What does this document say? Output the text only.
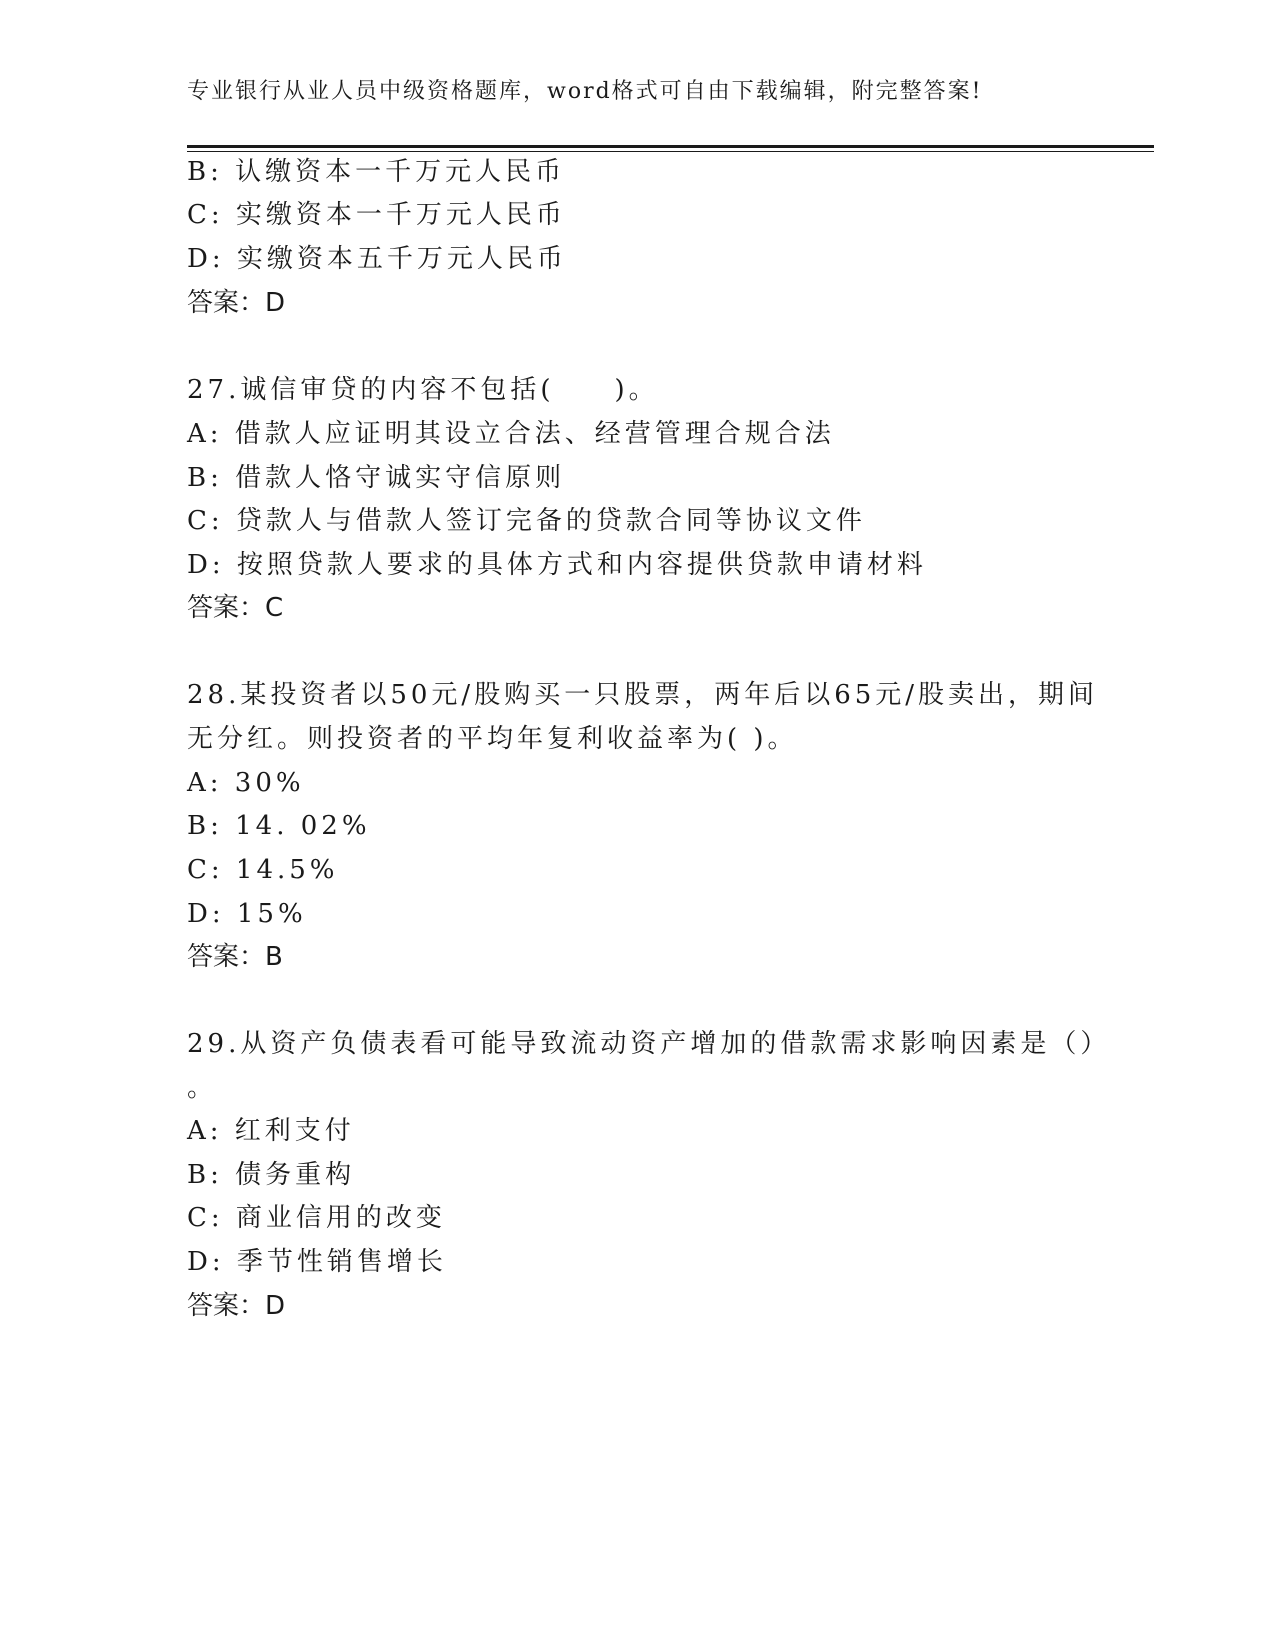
专业银行从业人员中级资格题库，word格式可自由下载编辑，附完整答案!
B: 认缴资本一千万元人民币
C: 实缴资本一千万元人民币
D: 实缴资本五千万元人民币
答案：D
27.诚信审贷的内容不包括(　　)。
A: 借款人应证明其设立合法、经营管理合规合法
B: 借款人恪守诚实守信原则
C: 贷款人与借款人签订完备的贷款合同等协议文件
D: 按照贷款人要求的具体方式和内容提供贷款申请材料
答案：C
28.某投资者以50元/股购买一只股票，两年后以65元/股卖出，期间
无分红。则投资者的平均年复利收益率为( )。
A: 30%
B: 14. 02%
C: 14.5%
D: 15%
答案：B
29.从资产负债表看可能导致流动资产增加的借款需求影响因素是（）
。
A: 红利支付
B: 债务重构
C: 商业信用的改变
D: 季节性销售增长
答案：D
